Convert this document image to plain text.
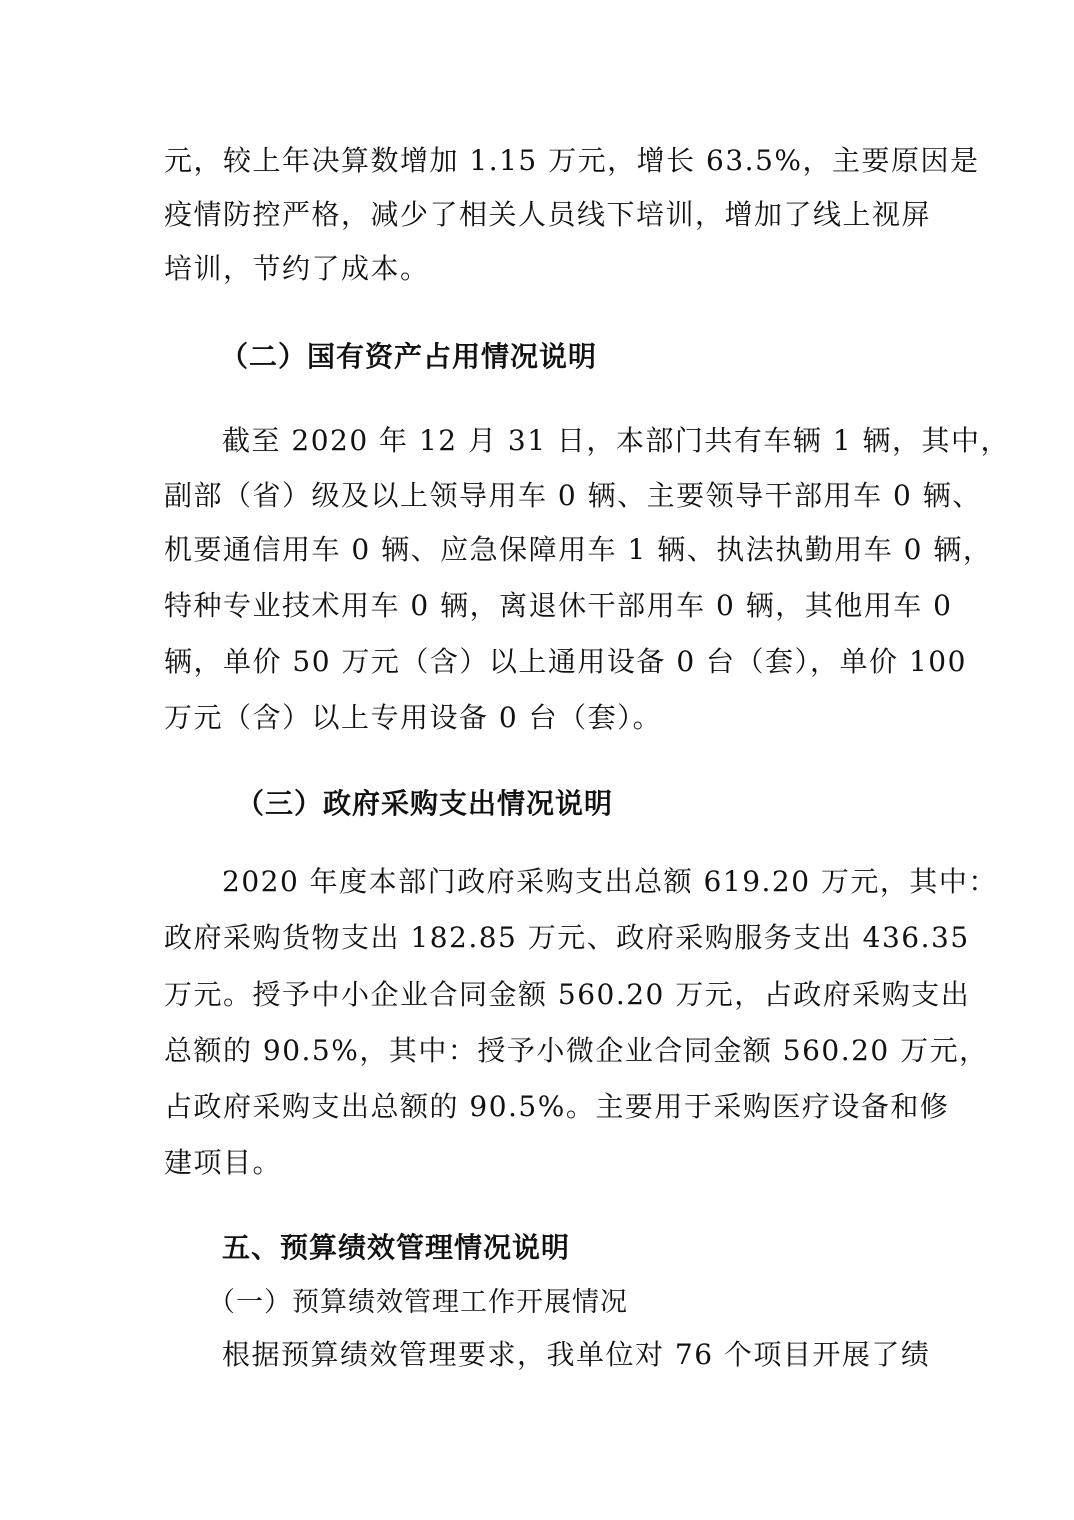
元，较上年决算数增加 1.15 万元，增长 63.5%，主要原因是
疫情防控严格，减少了相关人员线下培训，增加了线上视屏
培训，节约了成本。
（二）国有资产占用情况说明
截至 2020 年 12 月 31 日，本部门共有车辆 1 辆，其中，
副部（省）级及以上领导用车 0 辆、主要领导干部用车 0 辆、
机要通信用车 0 辆、应急保障用车 1 辆、执法执勤用车 0 辆，
特种专业技术用车 0 辆，离退休干部用车 0 辆，其他用车 0
辆，单价 50 万元（含）以上通用设备 0 台（套），单价 100
万元（含）以上专用设备 0 台（套）。
（三）政府采购支出情况说明
2020 年度本部门政府采购支出总额 619.20 万元，其中：
政府采购货物支出 182.85 万元、政府采购服务支出 436.35
万元。授予中小企业合同金额 560.20 万元，占政府采购支出
总额的 90.5%，其中：授予小微企业合同金额 560.20 万元，
占政府采购支出总额的 90.5%。主要用于采购医疗设备和修
建项目。
五、预算绩效管理情况说明
（一）预算绩效管理工作开展情况
根据预算绩效管理要求，我单位对 76 个项目开展了绩
